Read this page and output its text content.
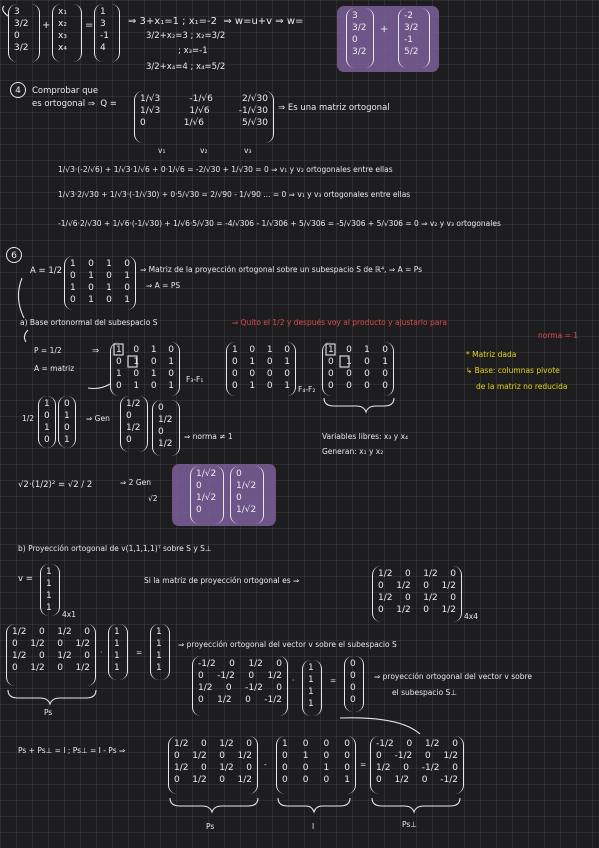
3
3/2
0
3/2
+
x₁
x₂
x₃
x₄
=
1
3
-1
4
⇒ 3+x₁=1 ; x₁=-2  ⇒ w=u+v ⇒ w=
3/2+x₂=3 ; x₂=3/2
; x₃=-1
3/2+x₄=4 ; x₄=5/2
3
3/2
0
3/2
+
-2
3/2
-1
5/2
4	Comprobar que
es ortogonal ⇒  Q =	1/√3	-1/√6	2/√30
1/√3	1/√6	-1/√30
0	1/√6	5/√30
⇒ Es una matriz ortogonal
v₁	v₂	v₃
1/√3·(-2/√6) + 1/√3·1/√6 + 0·1/√6 = -2/√30 + 1/√30 = 0 ⇒ v₁ y v₂ ortogonales entre ellas
1/√3·2/√30 + 1/√3·(-1/√30) + 0·5/√30 = 2/√90 - 1/√90 ... = 0 ⇒ v₁ y v₃ ortogonales entre ellas
-1/√6·2/√30 + 1/√6·(-1/√30) + 1/√6·5/√30 = -4/√306 - 1/√306 + 5/√306 = -5/√306 + 5/√306 = 0 ⇒ v₂ y v₃ ortogonales
6
A = 1/2
1 0 1 0
0 1 0 1
1 0 1 0
0 1 0 1
⇒ Matriz de la proyección ortogonal sobre un subespacio S de ℝ⁴, ⇒ A = Ps
⇒ A = PS
a) Base ortonormal del subespacio S	⇒ Quito el 1/2 y después voy al producto y ajustarlo para
norma = 1
P = 1/2
A = matriz
⇒ 1 0 1 0
0 1 0 1
1 0 1 0
0 1 0 1
F₃-F₁
1 0 1 0
0 1 0 1
0 0 0 0
0 1 0 1 F₄-F₂
1 0 1 0
0 1 0 1
0 0 0 0
0 0 0 0
* Matriz dada
↳ Base: columnas pivote
de la matriz no reducida
1/2
1
0
1
0
0
1
0
1
⇒ Gen
1/2
0
1/2
0
0
1/2
0
1/2
⇒ norma ≠ 1	Variables libres: x₃ y x₄
Generan: x₁ y x₂
√2·(1/2)² = √2 / 2	⇒ 2 Gen
√2
1/√2
0
1/√2
0
0
1/√2
0
1/√2
b) Proyección ortogonal de v(1,1,1,1)ᵀ sobre S y S⊥
v =
1
1
1
1
4x1
Si la matriz de proyección ortogonal es ⇒
1/2 0 1/2 0
0 1/2 0 1/2
1/2 0 1/2 0
0 1/2 0 1/2
4x4
1/2 0 1/2 0
0 1/2 0 1/2
1/2 0 1/2 0
0 1/2 0 1/2
Ps
·
1
1
1
1
=
1
1
1
1
⇒ proyección ortogonal del vector v sobre el subespacio S
-1/2 0 1/2 0
0 -1/2 0 1/2
1/2 0 -1/2 0
0 1/2 0 -1/2
·
1
1
1
1
=
0
0
0
0
⇒ proyección ortogonal del vector v sobre
el subespacio S⊥
Ps + Ps⊥ = I ; Ps⊥ = I - Ps ⇒
1/2 0 1/2 0
0 1/2 0 1/2
1/2 0 1/2 0
0 1/2 0 1/2
Ps
-
1 0 0 0
0 1 0 0
0 0 1 0
0 0 0 1
I
=
-1/2 0 1/2 0
0 -1/2 0 1/2
1/2 0 -1/2 0
0 1/2 0 -1/2
Ps⊥
